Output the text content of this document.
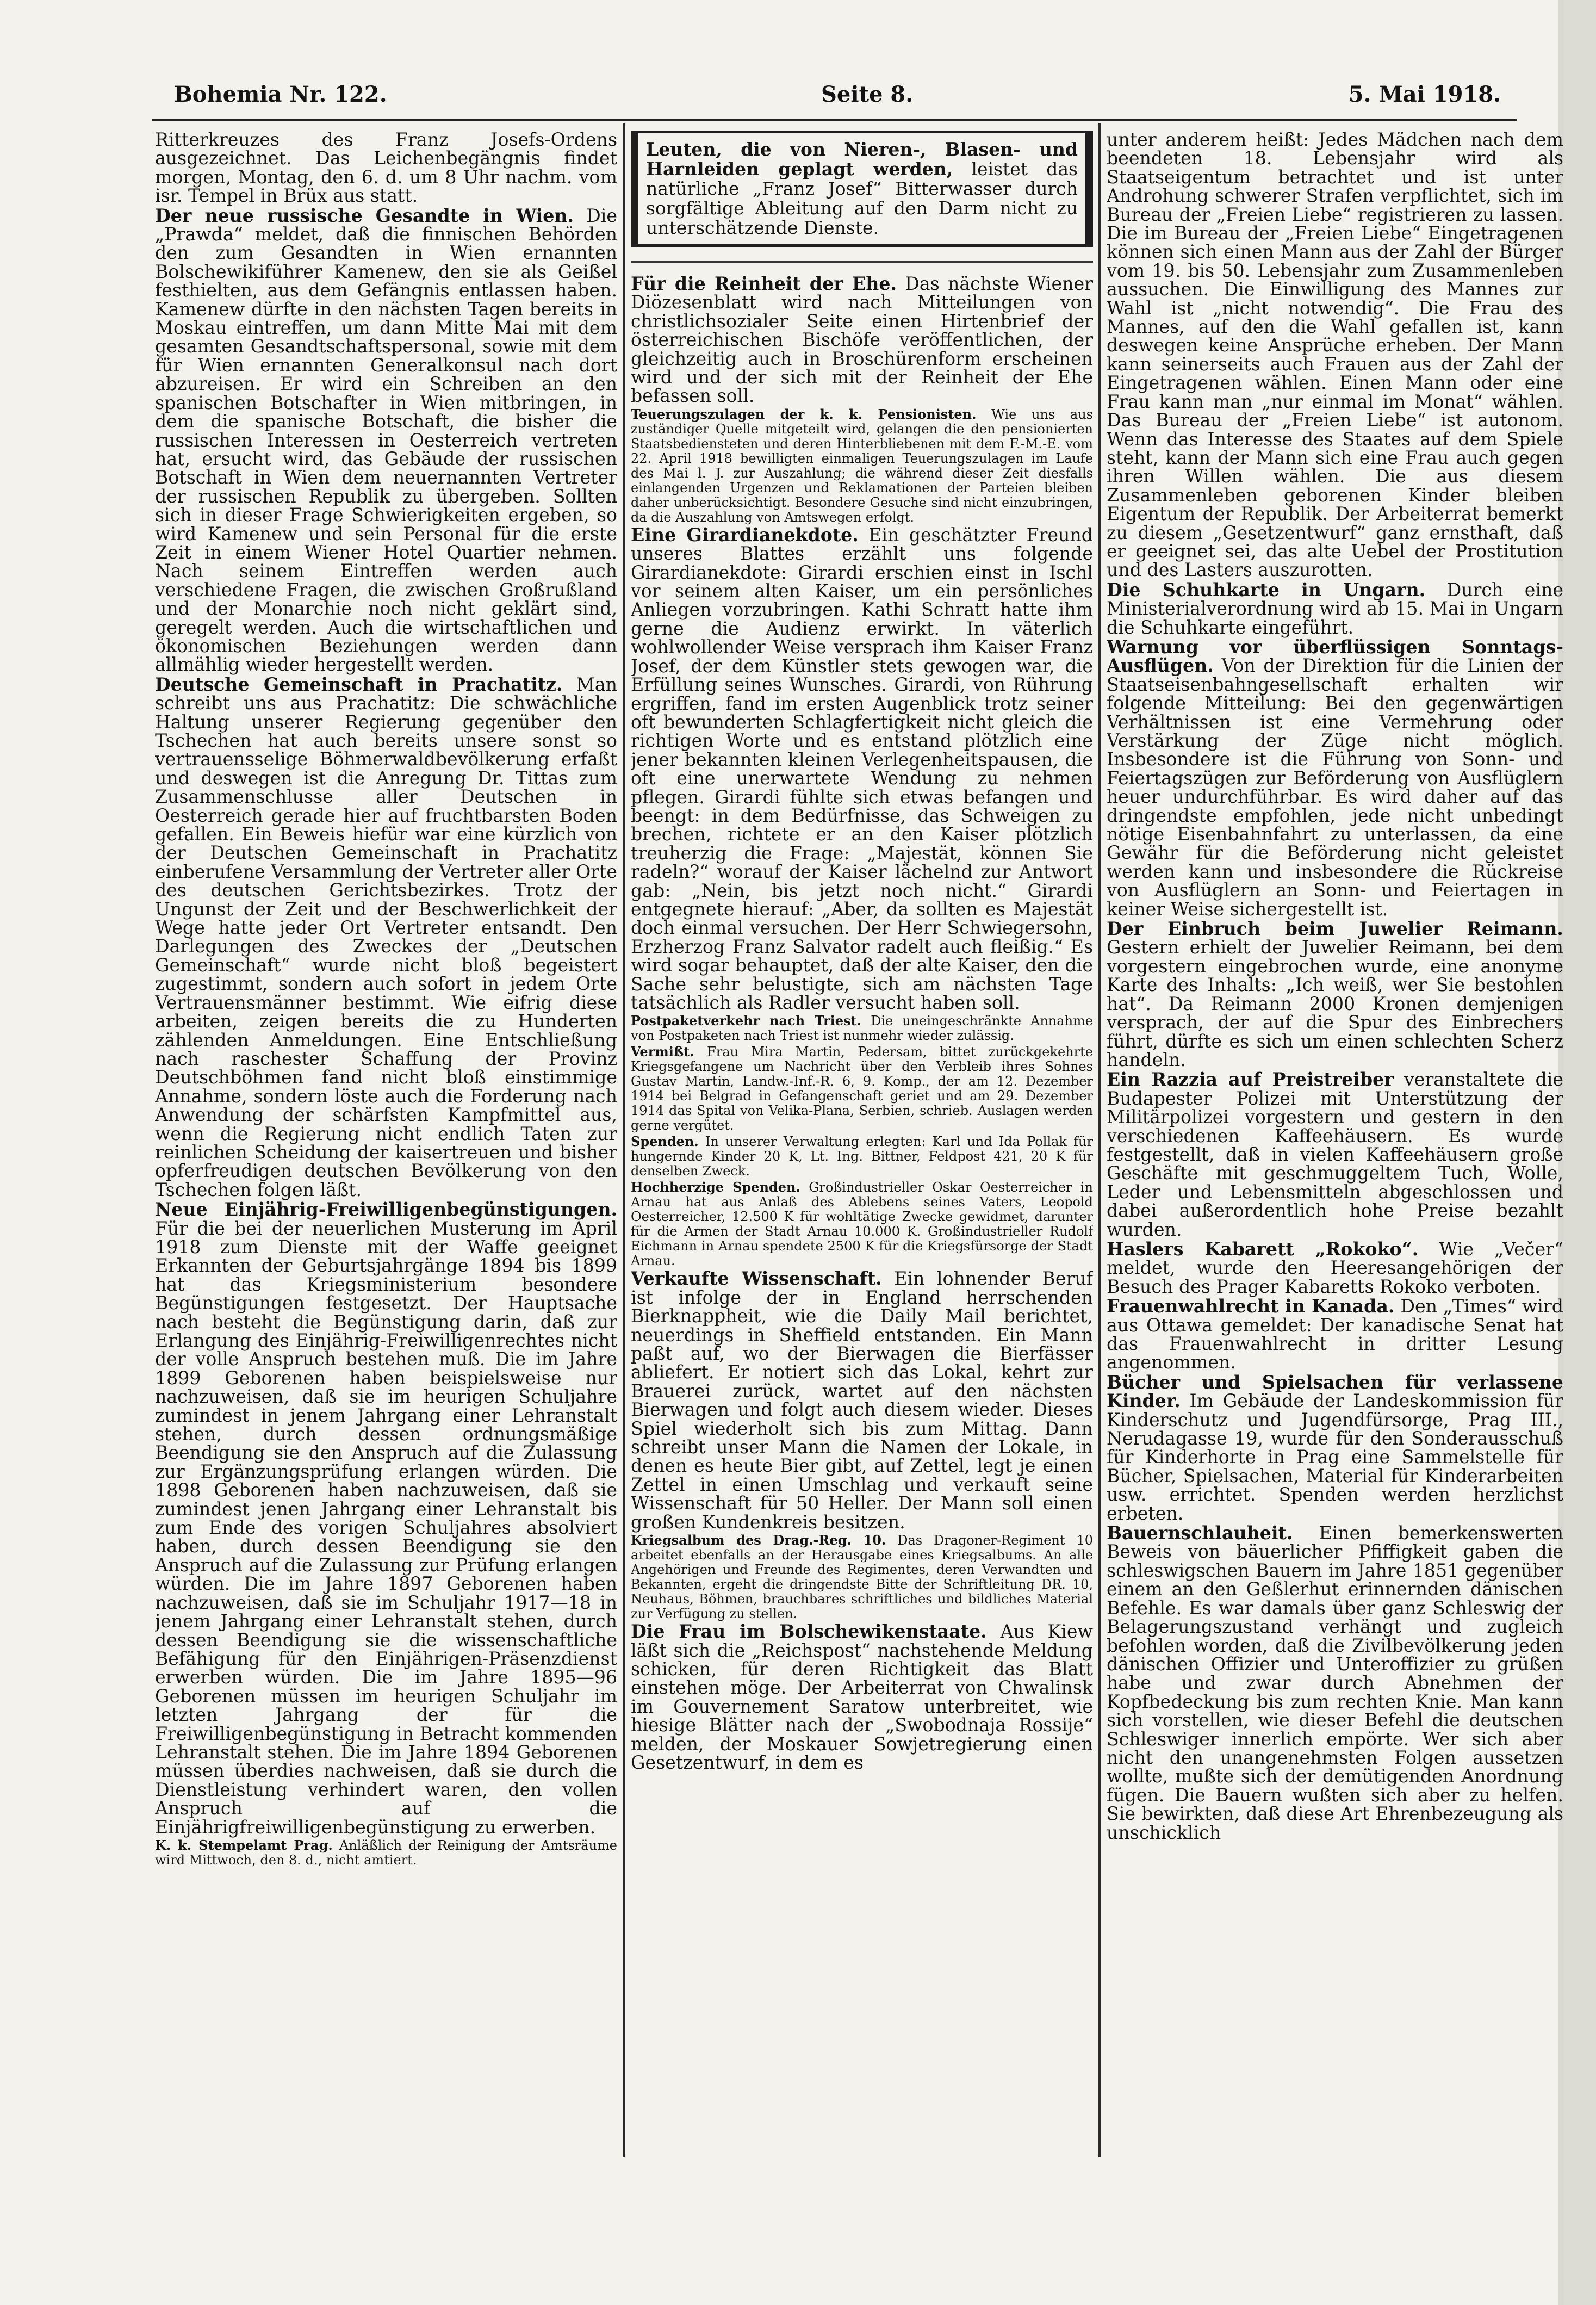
Bohemia Nr. 122.	Seite 8.	5. Mai 1918.

Ritterkreuzes des Franz Josefs-Ordens ausgezeichnet. Das Leichenbegängnis findet morgen, Montag, den 6. d. um 8 Uhr nachm. vom isr. Tempel in Brüx aus statt.

Der neue russische Gesandte in Wien. Die „Prawda“ meldet, daß die finnischen Behörden den zum Gesandten in Wien ernannten Bolschewikiführer Kamenew, den sie als Geißel festhielten, aus dem Gefängnis entlassen haben. Kamenew dürfte in den nächsten Tagen bereits in Moskau eintreffen, um dann Mitte Mai mit dem gesamten Gesandtschaftspersonal, sowie mit dem für Wien ernannten Generalkonsul nach dort abzureisen. Er wird ein Schreiben an den spanischen Botschafter in Wien mitbringen, in dem die spanische Botschaft, die bisher die russischen Interessen in Oesterreich vertreten hat, ersucht wird, das Gebäude der russischen Botschaft in Wien dem neuernannten Vertreter der russischen Republik zu übergeben. Sollten sich in dieser Frage Schwierigkeiten ergeben, so wird Kamenew und sein Personal für die erste Zeit in einem Wiener Hotel Quartier nehmen. Nach seinem Eintreffen werden auch verschiedene Fragen, die zwischen Großrußland und der Monarchie noch nicht geklärt sind, geregelt werden. Auch die wirtschaftlichen und ökonomischen Beziehungen werden dann allmählig wieder hergestellt werden.

Deutsche Gemeinschaft in Prachatitz. Man schreibt uns aus Prachatitz: Die schwächliche Haltung unserer Regierung gegenüber den Tschechen hat auch bereits unsere sonst so vertrauensselige Böhmerwaldbevölkerung erfaßt und deswegen ist die Anregung Dr. Tittas zum Zusammenschlusse aller Deutschen in Oesterreich gerade hier auf fruchtbarsten Boden gefallen. Ein Beweis hiefür war eine kürzlich von der Deutschen Gemeinschaft in Prachatitz einberufene Versammlung der Vertreter aller Orte des deutschen Gerichtsbezirkes. Trotz der Ungunst der Zeit und der Beschwerlichkeit der Wege hatte jeder Ort Vertreter entsandt. Den Darlegungen des Zweckes der „Deutschen Gemeinschaft“ wurde nicht bloß begeistert zugestimmt, sondern auch sofort in jedem Orte Vertrauensmänner bestimmt. Wie eifrig diese arbeiten, zeigen bereits die zu Hunderten zählenden Anmeldungen. Eine Entschließung nach raschester Schaffung der Provinz Deutschböhmen fand nicht bloß einstimmige Annahme, sondern löste auch die Forderung nach Anwendung der schärfsten Kampfmittel aus, wenn die Regierung nicht endlich Taten zur reinlichen Scheidung der kaisertreuen und bisher opferfreudigen deutschen Bevölkerung von den Tschechen folgen läßt.

Neue Einjährig-Freiwilligenbegünstigungen. Für die bei der neuerlichen Musterung im April 1918 zum Dienste mit der Waffe geeignet Erkannten der Geburtsjahrgänge 1894 bis 1899 hat das Kriegsministerium besondere Begünstigungen festgesetzt. Der Hauptsache nach besteht die Begünstigung darin, daß zur Erlangung des Einjährig-Freiwilligenrechtes nicht der volle Anspruch bestehen muß. Die im Jahre 1899 Geborenen haben beispielsweise nur nachzuweisen, daß sie im heurigen Schuljahre zumindest in jenem Jahrgang einer Lehranstalt stehen, durch dessen ordnungsmäßige Beendigung sie den Anspruch auf die Zulassung zur Ergänzungsprüfung erlangen würden. Die 1898 Geborenen haben nachzuweisen, daß sie zumindest jenen Jahrgang einer Lehranstalt bis zum Ende des vorigen Schuljahres absolviert haben, durch dessen Beendigung sie den Anspruch auf die Zulassung zur Prüfung erlangen würden. Die im Jahre 1897 Geborenen haben nachzuweisen, daß sie im Schuljahr 1917—18 in jenem Jahrgang einer Lehranstalt stehen, durch dessen Beendigung sie die wissenschaftliche Befähigung für den Einjährigen-Präsenzdienst erwerben würden. Die im Jahre 1895—96 Geborenen müssen im heurigen Schuljahr im letzten Jahrgang der für die Freiwilligenbegünstigung in Betracht kommenden Lehranstalt stehen. Die im Jahre 1894 Geborenen müssen überdies nachweisen, daß sie durch die Dienstleistung verhindert waren, den vollen Anspruch auf die Einjährigfreiwilligenbegünstigung zu erwerben.

K. k. Stempelamt Prag. Anläßlich der Reinigung der Amtsräume wird Mittwoch, den 8. d., nicht amtiert.

Leuten, die von Nieren-, Blasen- und Harnleiden geplagt werden, leistet das natürliche „Franz Josef“ Bitterwasser durch sorgfältige Ableitung auf den Darm nicht zu unterschätzende Dienste.

Für die Reinheit der Ehe. Das nächste Wiener Diözesenblatt wird nach Mitteilungen von christlichsozialer Seite einen Hirtenbrief der österreichischen Bischöfe veröffentlichen, der gleichzeitig auch in Broschürenform erscheinen wird und der sich mit der Reinheit der Ehe befassen soll.

Teuerungszulagen der k. k. Pensionisten. Wie uns aus zuständiger Quelle mitgeteilt wird, gelangen die den pensionierten Staatsbediensteten und deren Hinterbliebenen mit dem F.-M.-E. vom 22. April 1918 bewilligten einmaligen Teuerungszulagen im Laufe des Mai l. J. zur Auszahlung; die während dieser Zeit diesfalls einlangenden Urgenzen und Reklamationen der Parteien bleiben daher unberücksichtigt. Besondere Gesuche sind nicht einzubringen, da die Auszahlung von Amtswegen erfolgt.

Eine Girardianekdote. Ein geschätzter Freund unseres Blattes erzählt uns folgende Girardianekdote: Girardi erschien einst in Ischl vor seinem alten Kaiser, um ein persönliches Anliegen vorzubringen. Kathi Schratt hatte ihm gerne die Audienz erwirkt. In väterlich wohlwollender Weise versprach ihm Kaiser Franz Josef, der dem Künstler stets gewogen war, die Erfüllung seines Wunsches. Girardi, von Rührung ergriffen, fand im ersten Augenblick trotz seiner oft bewunderten Schlagfertigkeit nicht gleich die richtigen Worte und es entstand plötzlich eine jener bekannten kleinen Verlegenheitspausen, die oft eine unerwartete Wendung zu nehmen pflegen. Girardi fühlte sich etwas befangen und beengt: in dem Bedürfnisse, das Schweigen zu brechen, richtete er an den Kaiser plötzlich treuherzig die Frage: „Majestät, können Sie radeln?“ worauf der Kaiser lächelnd zur Antwort gab: „Nein, bis jetzt noch nicht.“ Girardi entgegnete hierauf: „Aber, da sollten es Majestät doch einmal versuchen. Der Herr Schwiegersohn, Erzherzog Franz Salvator radelt auch fleißig.“ Es wird sogar behauptet, daß der alte Kaiser, den die Sache sehr belustigte, sich am nächsten Tage tatsächlich als Radler versucht haben soll.

Postpaketverkehr nach Triest. Die uneingeschränkte Annahme von Postpaketen nach Triest ist nunmehr wieder zulässig.

Vermißt. Frau Mira Martin, Pedersam, bittet zurückgekehrte Kriegsgefangene um Nachricht über den Verbleib ihres Sohnes Gustav Martin, Landw.-Inf.-R. 6, 9. Komp., der am 12. Dezember 1914 bei Belgrad in Gefangenschaft geriet und am 29. Dezember 1914 das Spital von Velika-Plana, Serbien, schrieb. Auslagen werden gerne vergütet.

Spenden. In unserer Verwaltung erlegten: Karl und Ida Pollak für hungernde Kinder 20 K, Lt. Ing. Bittner, Feldpost 421, 20 K für denselben Zweck.

Hochherzige Spenden. Großindustrieller Oskar Oesterreicher in Arnau hat aus Anlaß des Ablebens seines Vaters, Leopold Oesterreicher, 12.500 K für wohltätige Zwecke gewidmet, darunter für die Armen der Stadt Arnau 10.000 K. Großindustrieller Rudolf Eichmann in Arnau spendete 2500 K für die Kriegsfürsorge der Stadt Arnau.

Verkaufte Wissenschaft. Ein lohnender Beruf ist infolge der in England herrschenden Bierknappheit, wie die Daily Mail berichtet, neuerdings in Sheffield entstanden. Ein Mann paßt auf, wo der Bierwagen die Bierfässer abliefert. Er notiert sich das Lokal, kehrt zur Brauerei zurück, wartet auf den nächsten Bierwagen und folgt auch diesem wieder. Dieses Spiel wiederholt sich bis zum Mittag. Dann schreibt unser Mann die Namen der Lokale, in denen es heute Bier gibt, auf Zettel, legt je einen Zettel in einen Umschlag und verkauft seine Wissenschaft für 50 Heller. Der Mann soll einen großen Kundenkreis besitzen.

Kriegsalbum des Drag.-Reg. 10. Das Dragoner-Regiment 10 arbeitet ebenfalls an der Herausgabe eines Kriegsalbums. An alle Angehörigen und Freunde des Regimentes, deren Verwandten und Bekannten, ergeht die dringendste Bitte der Schriftleitung DR. 10, Neuhaus, Böhmen, brauchbares schriftliches und bildliches Material zur Verfügung zu stellen.

Die Frau im Bolschewikenstaate. Aus Kiew läßt sich die „Reichspost“ nachstehende Meldung schicken, für deren Richtigkeit das Blatt einstehen möge. Der Arbeiterrat von Chwalinsk im Gouvernement Saratow unterbreitet, wie hiesige Blätter nach der „Swobodnaja Rossije“ melden, der Moskauer Sowjetregierung einen Gesetzentwurf, in dem es

unter anderem heißt: Jedes Mädchen nach dem beendeten 18. Lebensjahr wird als Staatseigentum betrachtet und ist unter Androhung schwerer Strafen verpflichtet, sich im Bureau der „Freien Liebe“ registrieren zu lassen. Die im Bureau der „Freien Liebe“ Eingetragenen können sich einen Mann aus der Zahl der Bürger vom 19. bis 50. Lebensjahr zum Zusammenleben aussuchen. Die Einwilligung des Mannes zur Wahl ist „nicht notwendig“. Die Frau des Mannes, auf den die Wahl gefallen ist, kann deswegen keine Ansprüche erheben. Der Mann kann seinerseits auch Frauen aus der Zahl der Eingetragenen wählen. Einen Mann oder eine Frau kann man „nur einmal im Monat“ wählen. Das Bureau der „Freien Liebe“ ist autonom. Wenn das Interesse des Staates auf dem Spiele steht, kann der Mann sich eine Frau auch gegen ihren Willen wählen. Die aus diesem Zusammenleben geborenen Kinder bleiben Eigentum der Republik. Der Arbeiterrat bemerkt zu diesem „Gesetzentwurf“ ganz ernsthaft, daß er geeignet sei, das alte Uebel der Prostitution und des Lasters auszurotten.

Die Schuhkarte in Ungarn. Durch eine Ministerialverordnung wird ab 15. Mai in Ungarn die Schuhkarte eingeführt.

Warnung vor überflüssigen Sonntags-Ausflügen. Von der Direktion für die Linien der Staatseisenbahngesellschaft erhalten wir folgende Mitteilung: Bei den gegenwärtigen Verhältnissen ist eine Vermehrung oder Verstärkung der Züge nicht möglich. Insbesondere ist die Führung von Sonn- und Feiertagszügen zur Beförderung von Ausflüglern heuer undurchführbar. Es wird daher auf das dringendste empfohlen, jede nicht unbedingt nötige Eisenbahnfahrt zu unterlassen, da eine Gewähr für die Beförderung nicht geleistet werden kann und insbesondere die Rückreise von Ausflüglern an Sonn- und Feiertagen in keiner Weise sichergestellt ist.

Der Einbruch beim Juwelier Reimann. Gestern erhielt der Juwelier Reimann, bei dem vorgestern eingebrochen wurde, eine anonyme Karte des Inhalts: „Ich weiß, wer Sie bestohlen hat“. Da Reimann 2000 Kronen demjenigen versprach, der auf die Spur des Einbrechers führt, dürfte es sich um einen schlechten Scherz handeln.

Ein Razzia auf Preistreiber veranstaltete die Budapester Polizei mit Unterstützung der Militärpolizei vorgestern und gestern in den verschiedenen Kaffeehäusern. Es wurde festgestellt, daß in vielen Kaffeehäusern große Geschäfte mit geschmuggeltem Tuch, Wolle, Leder und Lebensmitteln abgeschlossen und dabei außerordentlich hohe Preise bezahlt wurden.

Haslers Kabarett „Rokoko“. Wie „Večer“ meldet, wurde den Heeresangehörigen der Besuch des Prager Kabaretts Rokoko verboten.

Frauenwahlrecht in Kanada. Den „Times“ wird aus Ottawa gemeldet: Der kanadische Senat hat das Frauenwahlrecht in dritter Lesung angenommen.

Bücher und Spielsachen für verlassene Kinder. Im Gebäude der Landeskommission für Kinderschutz und Jugendfürsorge, Prag III., Nerudagasse 19, wurde für den Sonderausschuß für Kinderhorte in Prag eine Sammelstelle für Bücher, Spielsachen, Material für Kinderarbeiten usw. errichtet. Spenden werden herzlichst erbeten.

Bauernschlauheit. Einen bemerkenswerten Beweis von bäuerlicher Pfiffigkeit gaben die schleswigschen Bauern im Jahre 1851 gegenüber einem an den Geßlerhut erinnernden dänischen Befehle. Es war damals über ganz Schleswig der Belagerungszustand verhängt und zugleich befohlen worden, daß die Zivilbevölkerung jeden dänischen Offizier und Unteroffizier zu grüßen habe und zwar durch Abnehmen der Kopfbedeckung bis zum rechten Knie. Man kann sich vorstellen, wie dieser Befehl die deutschen Schleswiger innerlich empörte. Wer sich aber nicht den unangenehmsten Folgen aussetzen wollte, mußte sich der demütigenden Anordnung fügen. Die Bauern wußten sich aber zu helfen. Sie bewirkten, daß diese Art Ehrenbezeugung als unschicklich
